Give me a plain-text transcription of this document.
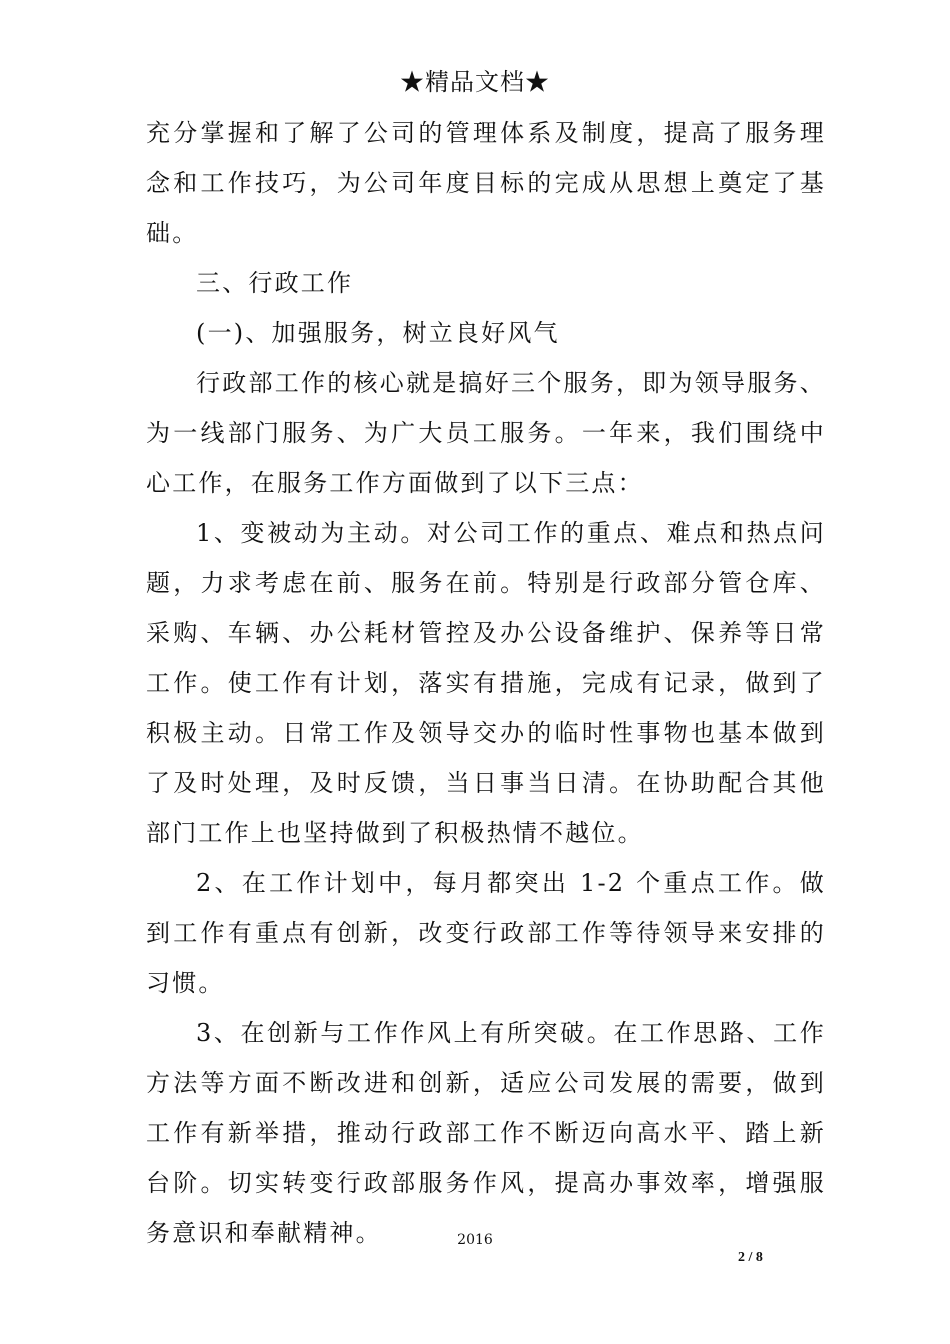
★精品文档★

充分掌握和了解了公司的管理体系及制度，提高了服务理念和工作技巧，为公司年度目标的完成从思想上奠定了基础。

三、行政工作

(一)、加强服务，树立良好风气

行政部工作的核心就是搞好三个服务，即为领导服务、为一线部门服务、为广大员工服务。一年来，我们围绕中心工作，在服务工作方面做到了以下三点：

1、变被动为主动。对公司工作的重点、难点和热点问题，力求考虑在前、服务在前。特别是行政部分管仓库、采购、车辆、办公耗材管控及办公设备维护、保养等日常工作。使工作有计划，落实有措施，完成有记录，做到了积极主动。日常工作及领导交办的临时性事物也基本做到了及时处理，及时反馈，当日事当日清。在协助配合其他部门工作上也坚持做到了积极热情不越位。

2、在工作计划中，每月都突出 1-2 个重点工作。做到工作有重点有创新，改变行政部工作等待领导来安排的习惯。

3、在创新与工作作风上有所突破。在工作思路、工作方法等方面不断改进和创新，适应公司发展的需要，做到工作有新举措，推动行政部工作不断迈向高水平、踏上新台阶。切实转变行政部服务作风，提高办事效率，增强服务意识和奉献精神。	2016
2 / 8
